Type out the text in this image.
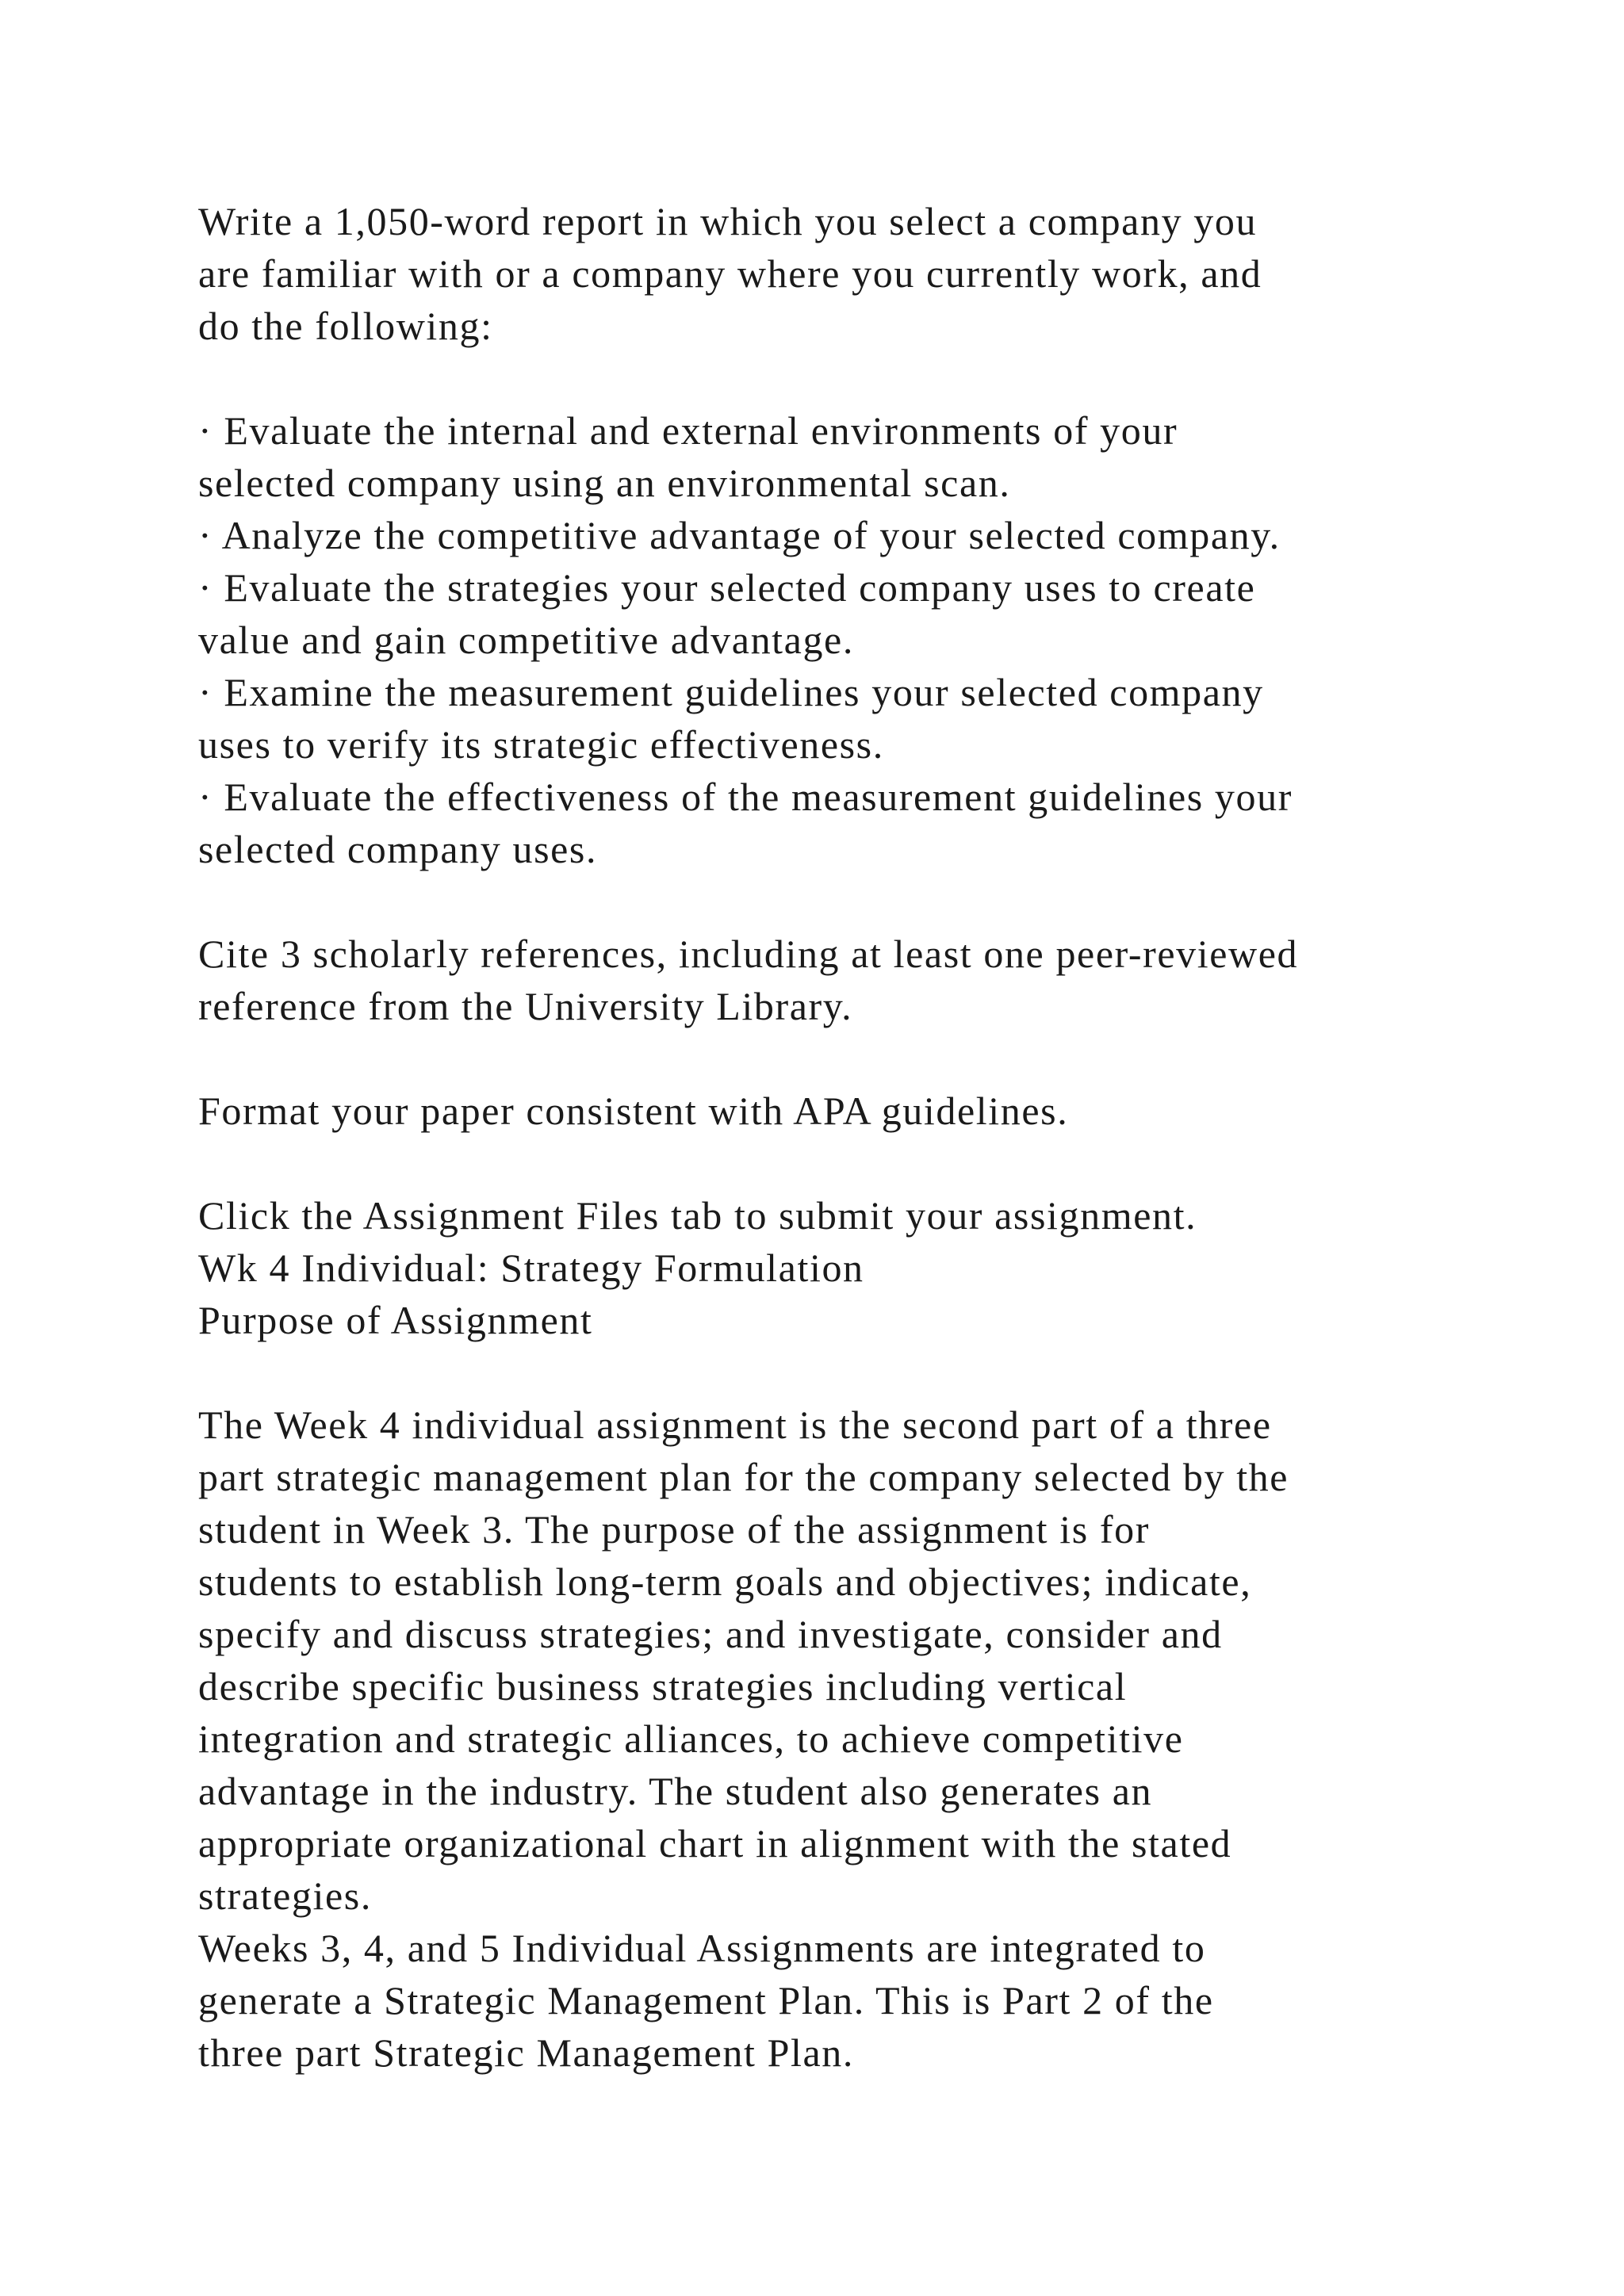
Write a 1,050-word report in which you select a company you
are familiar with or a company where you currently work, and
do the following:
· Evaluate the internal and external environments of your
selected company using an environmental scan.
· Analyze the competitive advantage of your selected company.
· Evaluate the strategies your selected company uses to create
value and gain competitive advantage.
· Examine the measurement guidelines your selected company
uses to verify its strategic effectiveness.
· Evaluate the effectiveness of the measurement guidelines your
selected company uses.
Cite 3 scholarly references, including at least one peer-reviewed
reference from the University Library.
Format your paper consistent with APA guidelines.
Click the Assignment Files tab to submit your assignment.
Wk 4 Individual: Strategy Formulation
Purpose of Assignment
The Week 4 individual assignment is the second part of a three
part strategic management plan for the company selected by the
student in Week 3. The purpose of the assignment is for
students to establish long-term goals and objectives; indicate,
specify and discuss strategies; and investigate, consider and
describe specific business strategies including vertical
integration and strategic alliances, to achieve competitive
advantage in the industry. The student also generates an
appropriate organizational chart in alignment with the stated
strategies.
Weeks 3, 4, and 5 Individual Assignments are integrated to
generate a Strategic Management Plan. This is Part 2 of the
three part Strategic Management Plan.
